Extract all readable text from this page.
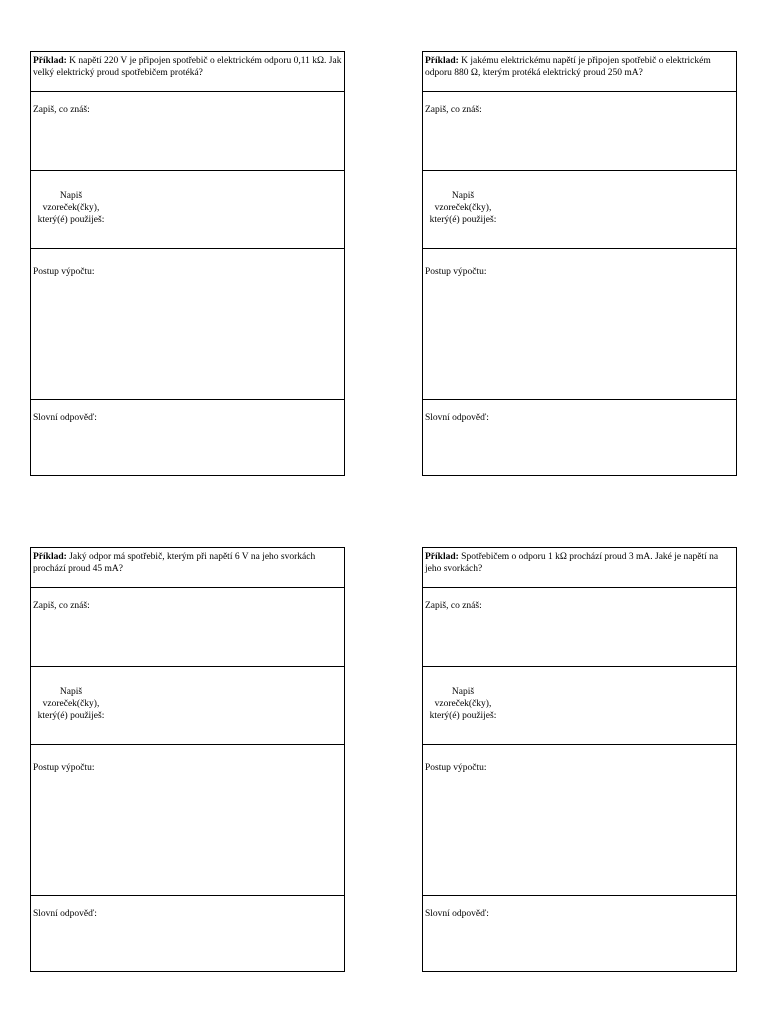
Příklad: K napětí 220 V je připojen spotřebič o elektrickém odporu 0,11 kΩ. Jak velký elektrický proud spotřebičem protéká?
Zapiš, co znáš:
Napiš
vzoreček(čky),
který(é) použiješ:
Postup výpočtu:
Slovní odpověď:
Příklad: K jakému elektrickému napětí je připojen spotřebič o elektrickém odporu 880 Ω, kterým protéká elektrický proud 250 mA?
Zapiš, co znáš:
Napiš
vzoreček(čky),
který(é) použiješ:
Postup výpočtu:
Slovní odpověď:
Příklad: Jaký odpor má spotřebič, kterým při napětí 6 V na jeho svorkách prochází proud 45 mA?
Zapiš, co znáš:
Napiš
vzoreček(čky),
který(é) použiješ:
Postup výpočtu:
Slovní odpověď:
Příklad: Spotřebičem o odporu 1 kΩ prochází proud 3 mA. Jaké je napětí na jeho svorkách?
Zapiš, co znáš:
Napiš
vzoreček(čky),
který(é) použiješ:
Postup výpočtu:
Slovní odpověď:
